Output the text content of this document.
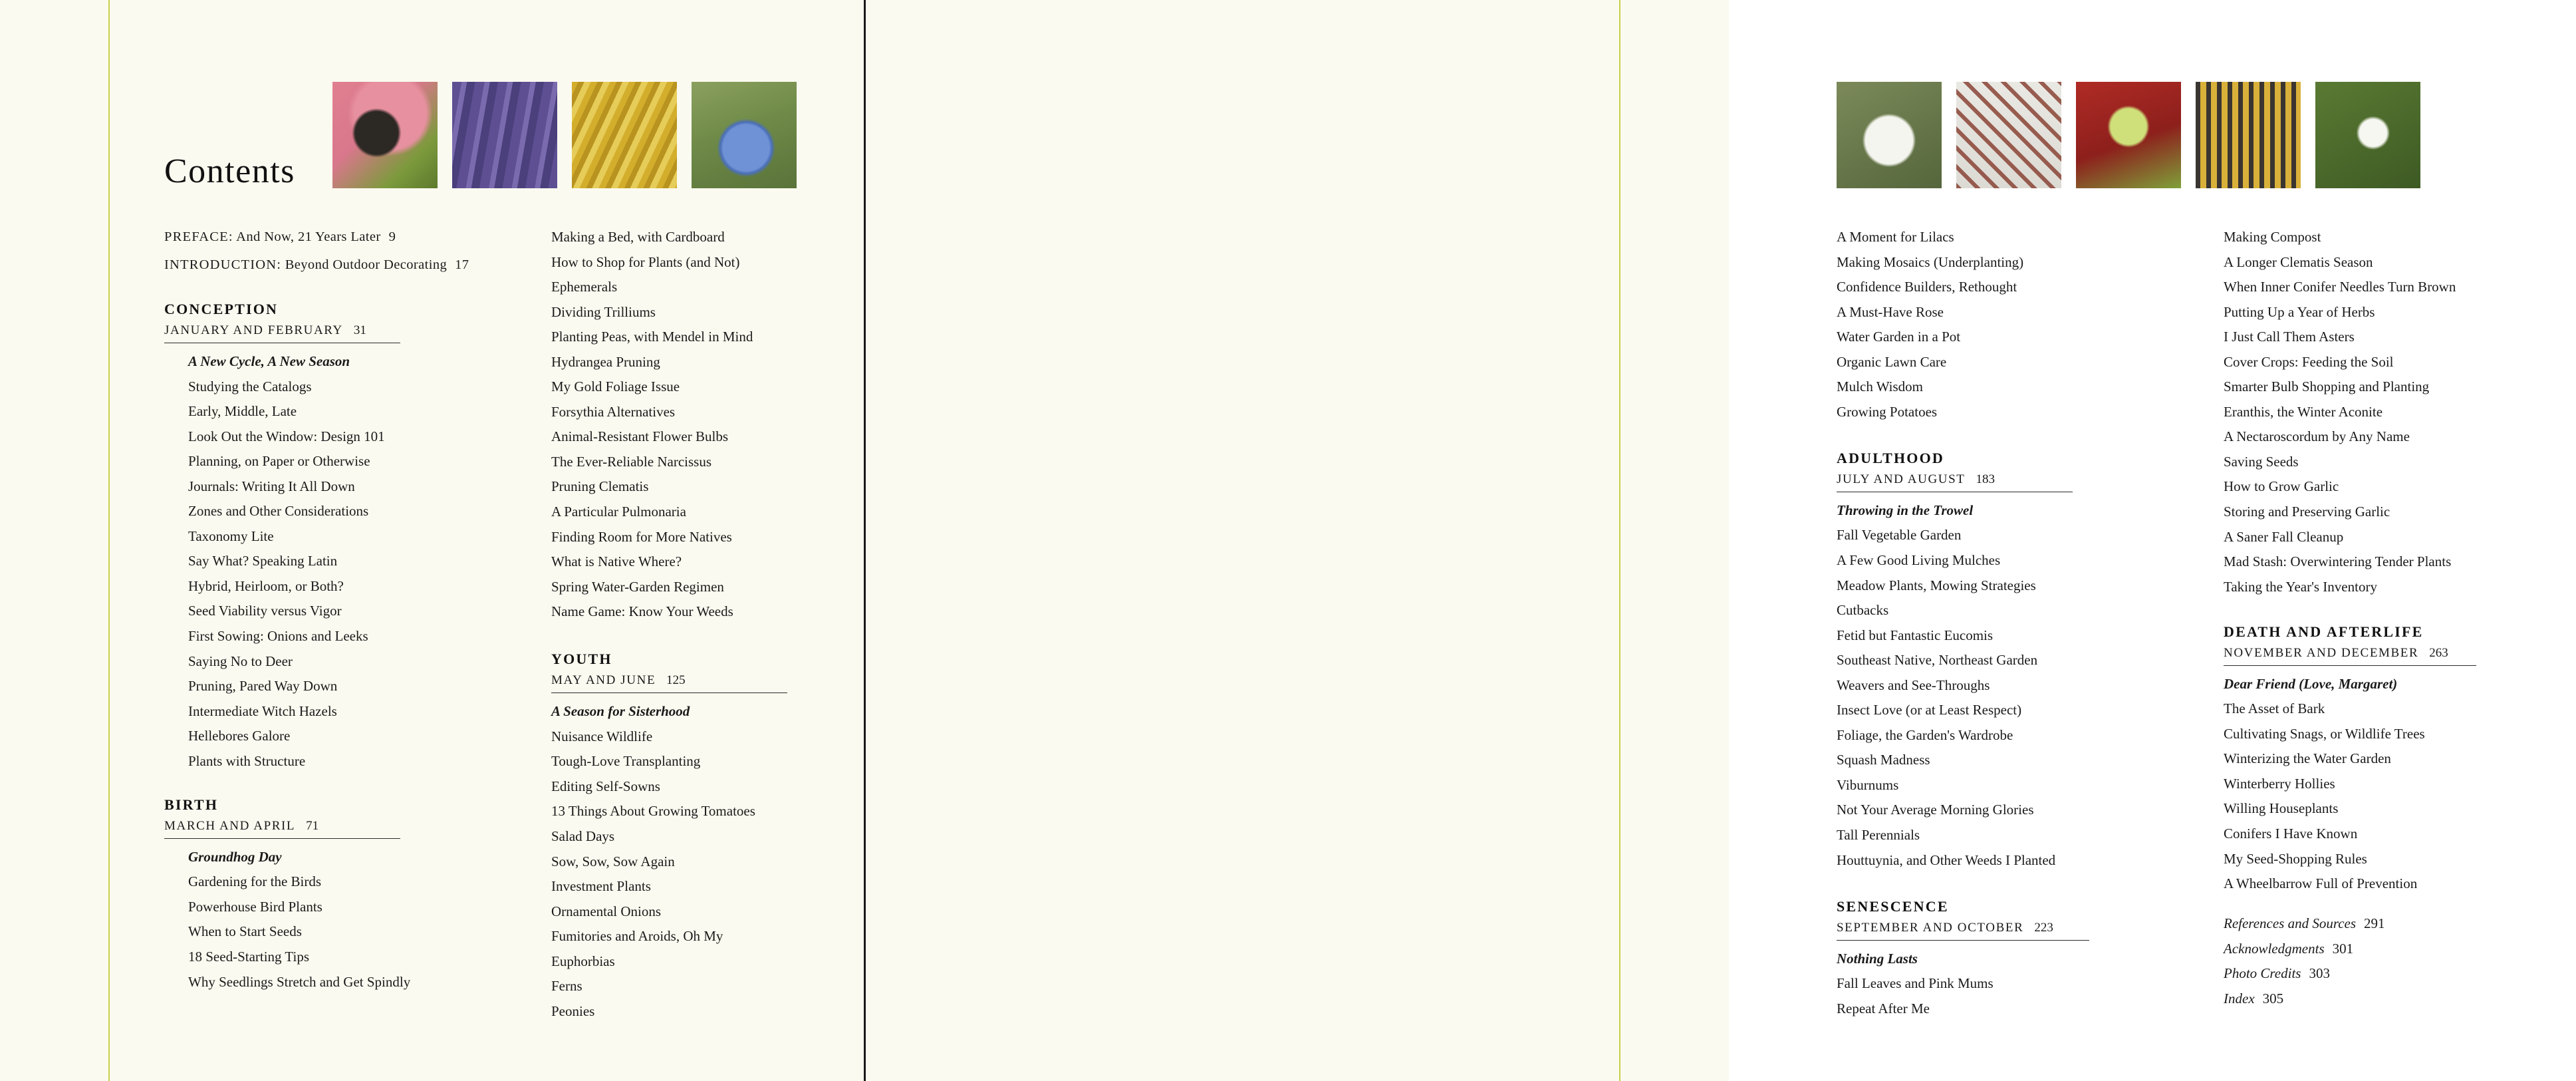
Contents
PREFACE: And Now, 21 Years Later 9
INTRODUCTION: Beyond Outdoor Decorating 17
CONCEPTION
JANUARY AND FEBRUARY 31
A New Cycle, A New Season
Studying the Catalogs
Early, Middle, Late
Look Out the Window: Design 101
Planning, on Paper or Otherwise
Journals: Writing It All Down
Zones and Other Considerations
Taxonomy Lite
Say What? Speaking Latin
Hybrid, Heirloom, or Both?
Seed Viability versus Vigor
First Sowing: Onions and Leeks
Saying No to Deer
Pruning, Pared Way Down
Intermediate Witch Hazels
Hellebores Galore
Plants with Structure
BIRTH
MARCH AND APRIL 71
Groundhog Day
Gardening for the Birds
Powerhouse Bird Plants
When to Start Seeds
18 Seed-Starting Tips
Why Seedlings Stretch and Get Spindly
Making a Bed, with Cardboard
How to Shop for Plants (and Not)
Ephemerals
Dividing Trilliums
Planting Peas, with Mendel in Mind
Hydrangea Pruning
My Gold Foliage Issue
Forsythia Alternatives
Animal-Resistant Flower Bulbs
The Ever-Reliable Narcissus
Pruning Clematis
A Particular Pulmonaria
Finding Room for More Natives
What is Native Where?
Spring Water-Garden Regimen
Name Game: Know Your Weeds
YOUTH
MAY AND JUNE 125
A Season for Sisterhood
Nuisance Wildlife
Tough-Love Transplanting
Editing Self-Sowns
13 Things About Growing Tomatoes
Salad Days
Sow, Sow, Sow Again
Investment Plants
Ornamental Onions
Fumitories and Aroids, Oh My
Euphorbias
Ferns
Peonies
A Moment for Lilacs
Making Mosaics (Underplanting)
Confidence Builders, Rethought
A Must-Have Rose
Water Garden in a Pot
Organic Lawn Care
Mulch Wisdom
Growing Potatoes
ADULTHOOD
JULY AND AUGUST 183
Throwing in the Trowel
Fall Vegetable Garden
A Few Good Living Mulches
Meadow Plants, Mowing Strategies
Cutbacks
Fetid but Fantastic Eucomis
Southeast Native, Northeast Garden
Weavers and See-Throughs
Insect Love (or at Least Respect)
Foliage, the Garden's Wardrobe
Squash Madness
Viburnums
Not Your Average Morning Glories
Tall Perennials
Houttuynia, and Other Weeds I Planted
SENESCENCE
SEPTEMBER AND OCTOBER 223
Nothing Lasts
Fall Leaves and Pink Mums
Repeat After Me
Making Compost
A Longer Clematis Season
When Inner Conifer Needles Turn Brown
Putting Up a Year of Herbs
I Just Call Them Asters
Cover Crops: Feeding the Soil
Smarter Bulb Shopping and Planting
Eranthis, the Winter Aconite
A Nectaroscordum by Any Name
Saving Seeds
How to Grow Garlic
Storing and Preserving Garlic
A Saner Fall Cleanup
Mad Stash: Overwintering Tender Plants
Taking the Year's Inventory
DEATH AND AFTERLIFE
NOVEMBER AND DECEMBER 263
Dear Friend (Love, Margaret)
The Asset of Bark
Cultivating Snags, or Wildlife Trees
Winterizing the Water Garden
Winterberry Hollies
Willing Houseplants
Conifers I Have Known
My Seed-Shopping Rules
A Wheelbarrow Full of Prevention
References and Sources 291
Acknowledgments 301
Photo Credits 303
Index 305
